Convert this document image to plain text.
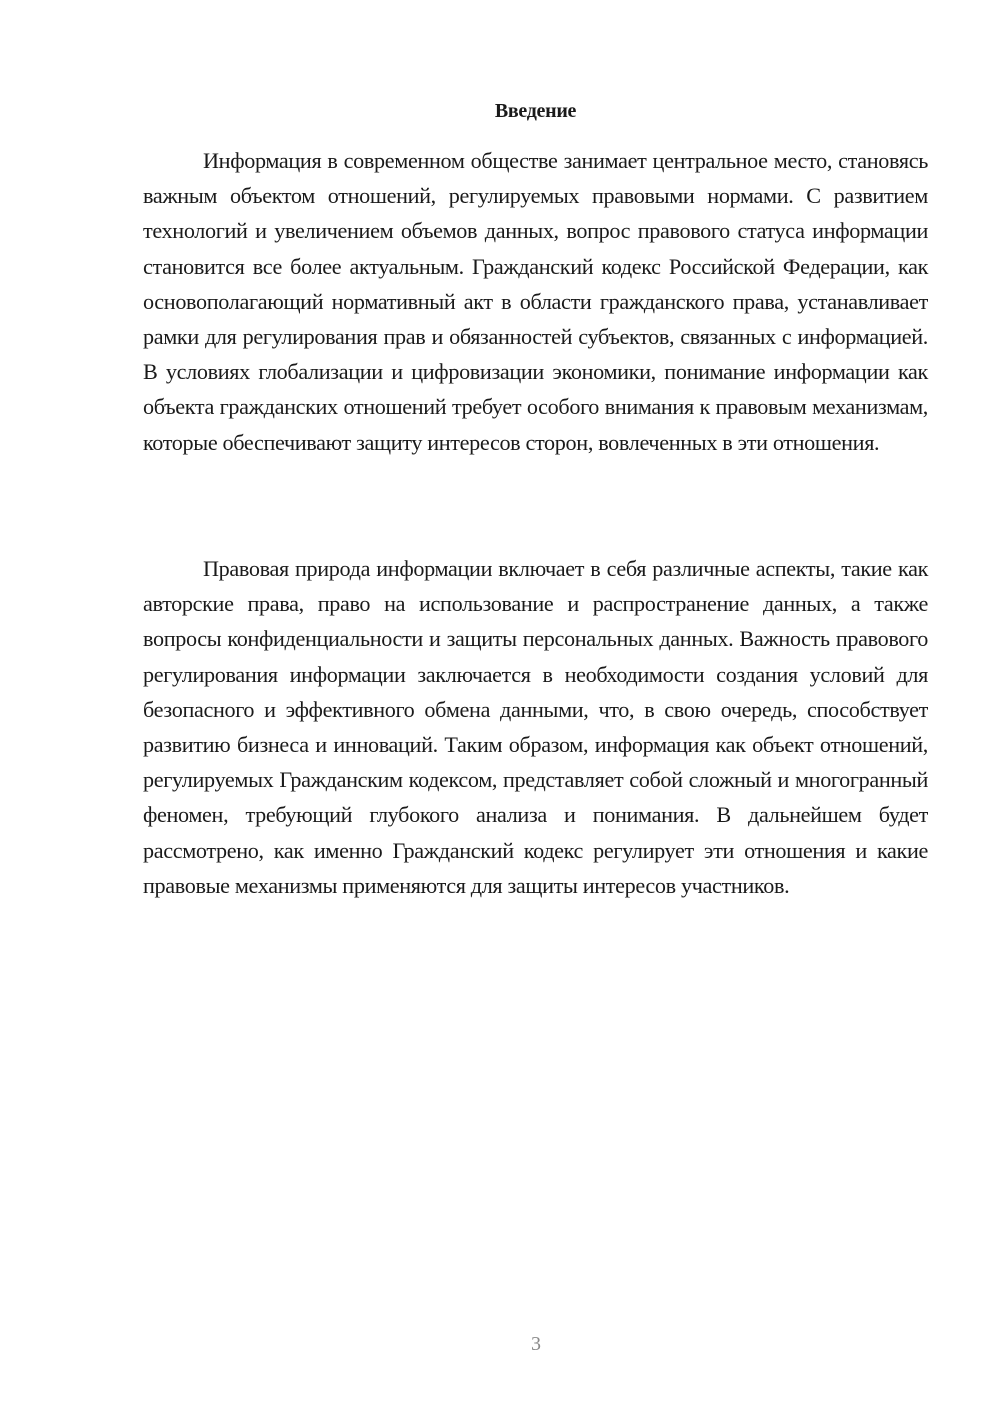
Введение

Информация в современном обществе занимает центральное место, становясь важным объектом отношений, регулируемых правовыми нормами. С развитием технологий и увеличением объемов данных, вопрос правового статуса информации становится все более актуальным. Гражданский кодекс Российской Федерации, как основополагающий нормативный акт в области гражданского права, устанавливает рамки для регулирования прав и обязанностей субъектов, связанных с информацией. В условиях глобализации и цифровизации экономики, понимание информации как объекта гражданских отношений требует особого внимания к правовым механизмам, которые обеспечивают защиту интересов сторон, вовлеченных в эти отношения.

Правовая природа информации включает в себя различные аспекты, такие как авторские права, право на использование и распространение данных, а также вопросы конфиденциальности и защиты персональных данных. Важность правового регулирования информации заключается в необходимости создания условий для безопасного и эффективного обмена данными, что, в свою очередь, способствует развитию бизнеса и инноваций. Таким образом, информация как объект отношений, регулируемых Гражданским кодексом, представляет собой сложный и многогранный феномен, требующий глубокого анализа и понимания. В дальнейшем будет рассмотрено, как именно Гражданский кодекс регулирует эти отношения и какие правовые механизмы применяются для защиты интересов участников.

3
